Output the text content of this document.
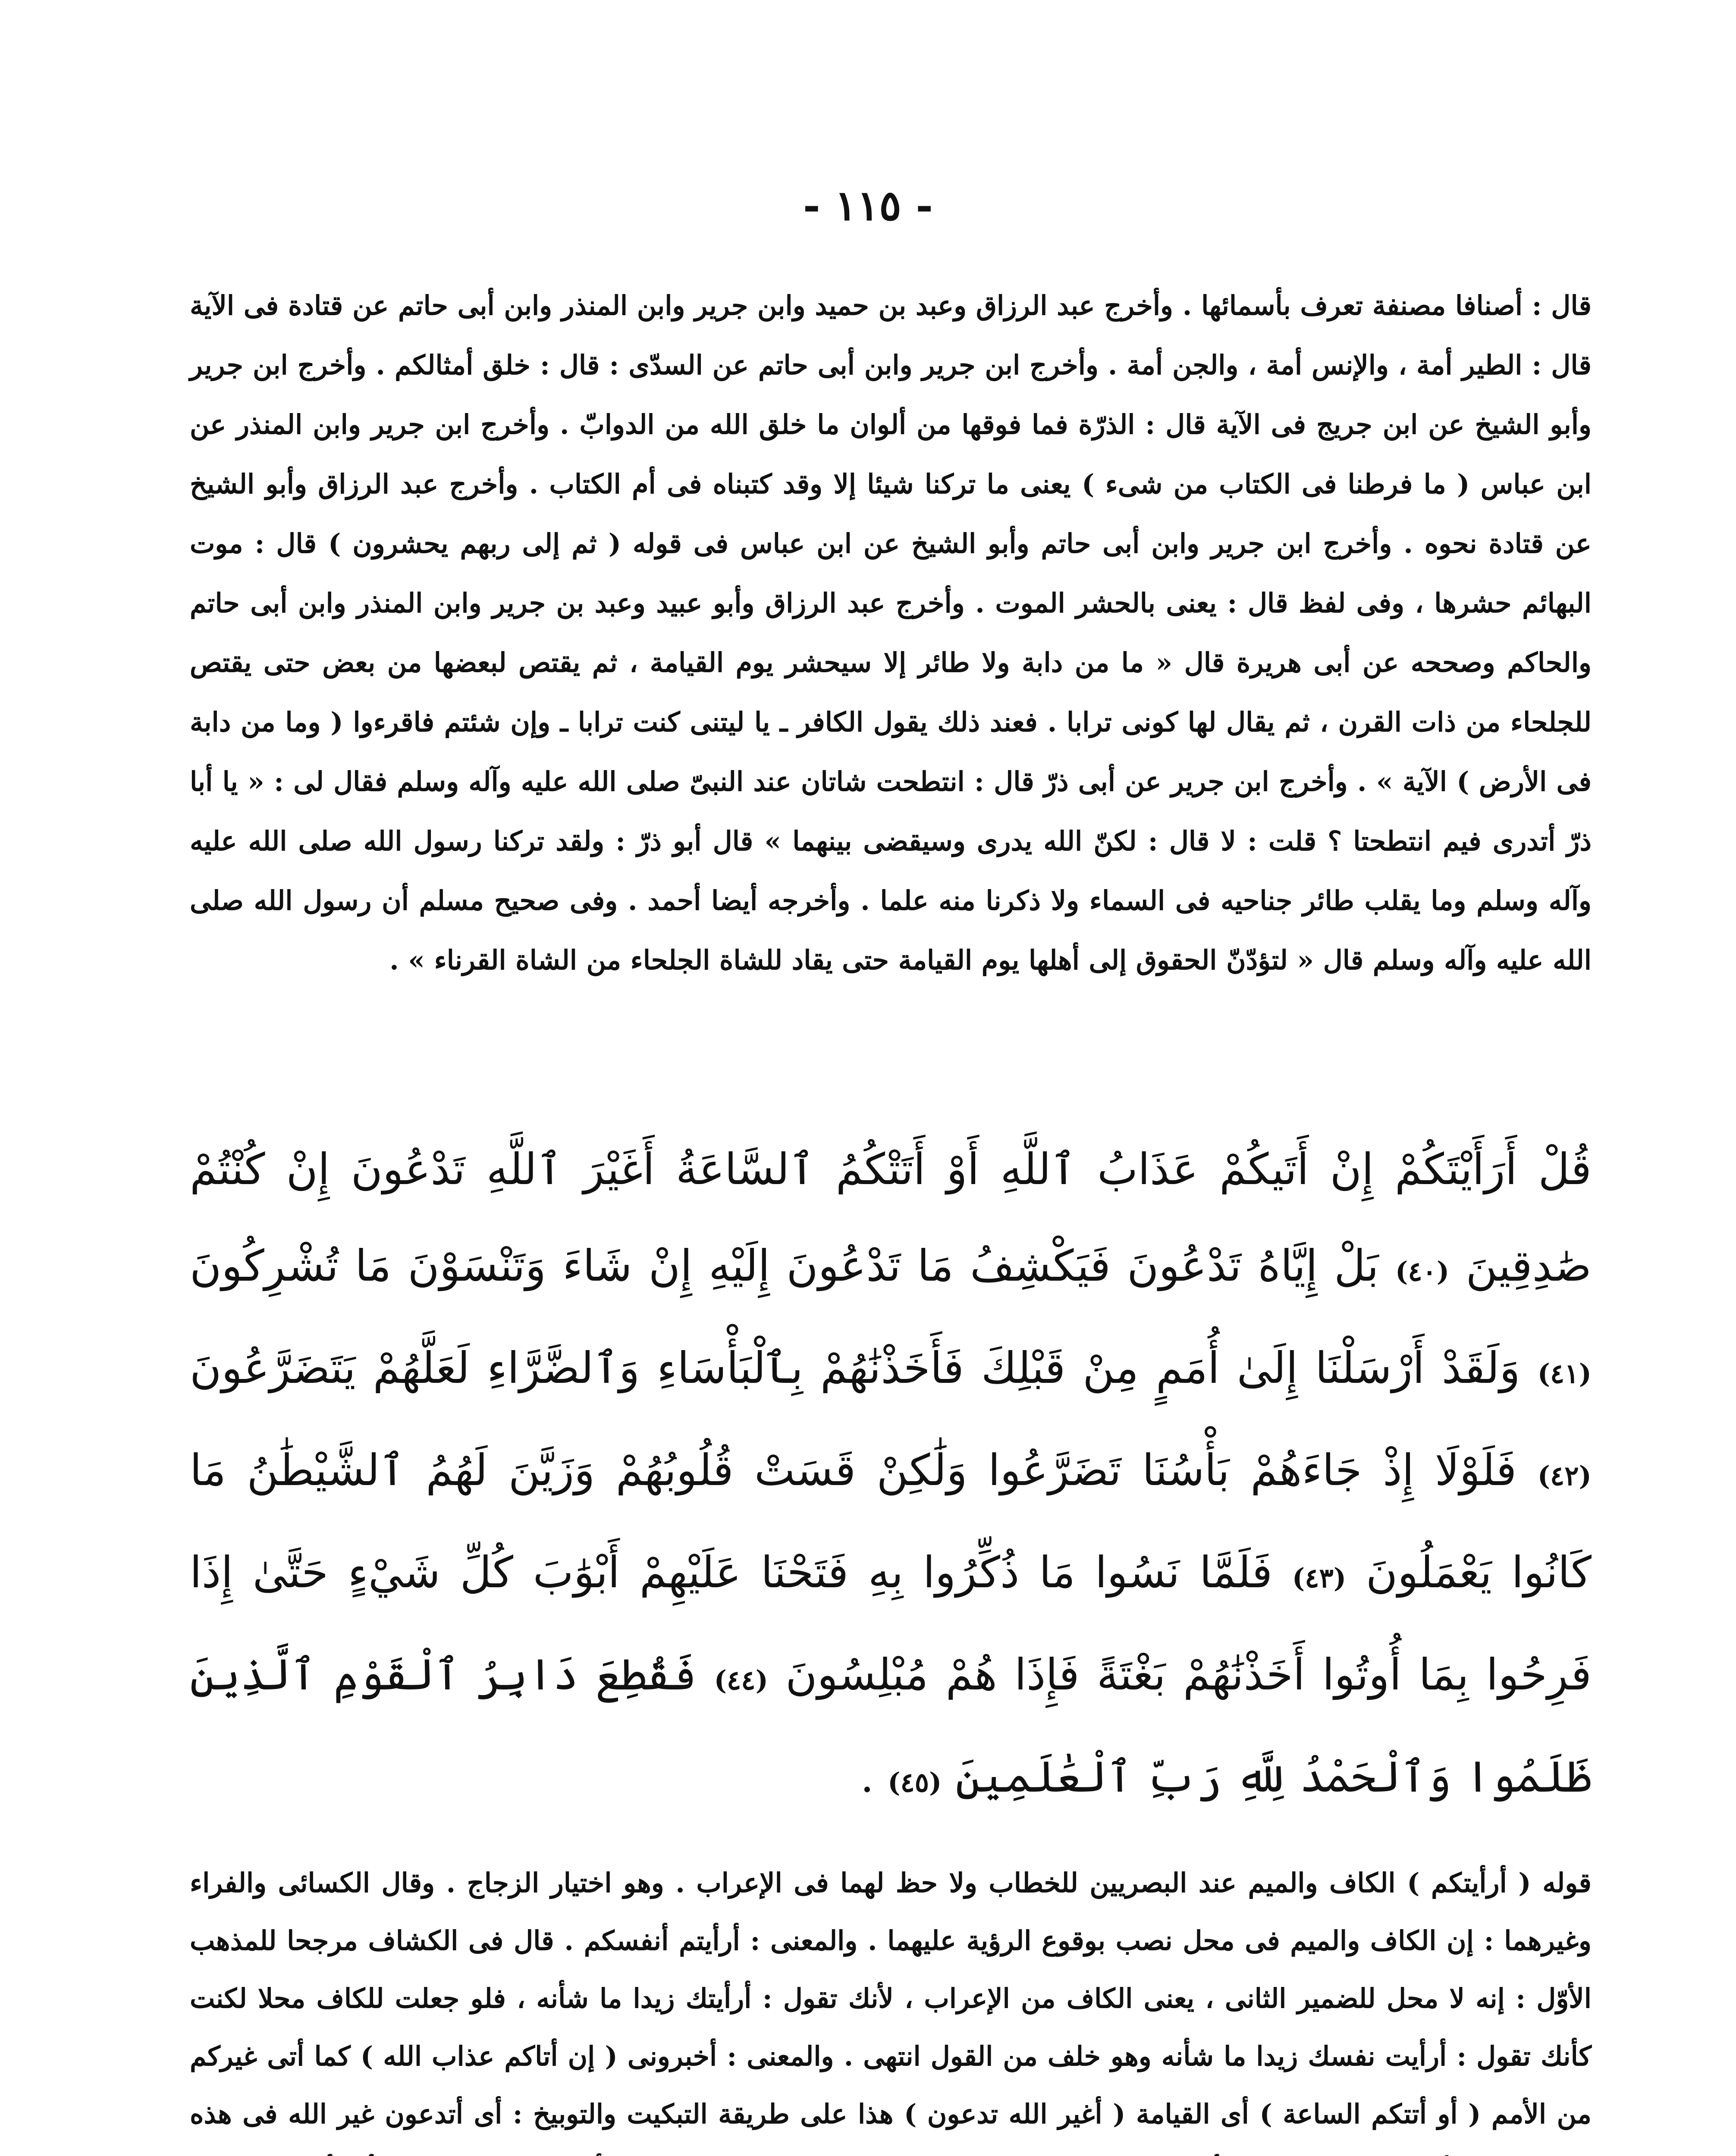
- ١١٥ -

قال : أصنافا مصنفة تعرف بأسمائها . وأخرج عبد الرزاق وعبد بن حميد وابن جرير وابن المنذر وابن أبى حاتم عن قتادة فى الآية قال : الطير أمة ، والإنس أمة ، والجن أمة . وأخرج ابن جرير وابن أبى حاتم عن السدّى : قال : خلق أمثالكم . وأخرج ابن جرير وأبو الشيخ عن ابن جريج فى الآية قال : الذرّة فما فوقها من ألوان ما خلق الله من الدوابّ . وأخرج ابن جرير وابن المنذر عن ابن عباس ( ما فرطنا فى الكتاب من شىء ) يعنى ما تركنا شيئا إلا وقد كتبناه فى أم الكتاب . وأخرج عبد الرزاق وأبو الشيخ عن قتادة نحوه . وأخرج ابن جرير وابن أبى حاتم وأبو الشيخ عن ابن عباس فى قوله ( ثم إلى ربهم يحشرون ) قال : موت البهائم حشرها ، وفى لفظ قال : يعنى بالحشر الموت . وأخرج عبد الرزاق وأبو عبيد وعبد بن جرير وابن المنذر وابن أبى حاتم والحاكم وصححه عن أبى هريرة قال « ما من دابة ولا طائر إلا سيحشر يوم القيامة ، ثم يقتص لبعضها من بعض حتى يقتص للجلحاء من ذات القرن ، ثم يقال لها كونى ترابا . فعند ذلك يقول الكافر ـ يا ليتنى كنت ترابا ـ وإن شئتم فاقرءوا ( وما من دابة فى الأرض ) الآية » . وأخرج ابن جرير عن أبى ذرّ قال : انتطحت شاتان عند النبىّ صلى الله عليه وآله وسلم فقال لى : « يا أبا ذرّ أتدرى فيم انتطحتا ؟ قلت : لا قال : لكنّ الله يدرى وسيقضى بينهما » قال أبو ذرّ : ولقد تركنا رسول الله صلى الله عليه وآله وسلم وما يقلب طائر جناحيه فى السماء ولا ذكرنا منه علما . وأخرجه أيضا أحمد . وفى صحيح مسلم أن رسول الله صلى الله عليه وآله وسلم قال « لتؤدّنّ الحقوق إلى أهلها يوم القيامة حتى يقاد للشاة الجلحاء من الشاة القرناء » .

قُلْ أَرَأَيْتَكُمْ إِنْ أَتَيكُمْ عَذَابُ ٱللَّهِ أَوْ أَتَتْكُمُ ٱلسَّاعَةُ أَغَيْرَ ٱللَّهِ تَدْعُونَ إِنْ كُنْتُمْ صَٰدِقِينَ (٤٠) بَلْ إِيَّاهُ تَدْعُونَ فَيَكْشِفُ مَا تَدْعُونَ إِلَيْهِ إِنْ شَاءَ وَتَنْسَوْنَ مَا تُشْرِكُونَ (٤١) وَلَقَدْ أَرْسَلْنَا إِلَىٰ أُمَمٍ مِنْ قَبْلِكَ فَأَخَذْنَٰهُمْ بِٱلْبَأْسَاءِ وَٱلضَّرَّاءِ لَعَلَّهُمْ يَتَضَرَّعُونَ (٤٢) فَلَوْلَا إِذْ جَاءَهُمْ بَأْسُنَا تَضَرَّعُوا وَلَٰكِنْ قَسَتْ قُلُوبُهُمْ وَزَيَّنَ لَهُمُ ٱلشَّيْطَٰنُ مَا كَانُوا يَعْمَلُونَ (٤٣) فَلَمَّا نَسُوا مَا ذُكِّرُوا بِهِ فَتَحْنَا عَلَيْهِمْ أَبْوَٰبَ كُلِّ شَيْءٍ حَتَّىٰ إِذَا فَرِحُوا بِمَا أُوتُوا أَخَذْنَٰهُمْ بَغْتَةً فَإِذَا هُمْ مُبْلِسُونَ (٤٤) فَقُطِعَ دَابِرُ ٱلْقَوْمِ ٱلَّذِينَ ظَلَمُوا وَٱلْحَمْدُ لِلَّهِ رَبِّ ٱلْعَٰلَمِينَ (٤٥) .

قوله ( أرأيتكم ) الكاف والميم عند البصريين للخطاب ولا حظ لهما فى الإعراب . وهو اختيار الزجاج . وقال الكسائى والفراء وغيرهما : إن الكاف والميم فى محل نصب بوقوع الرؤية عليهما . والمعنى : أرأيتم أنفسكم . قال فى الكشاف مرجحا للمذهب الأوّل : إنه لا محل للضمير الثانى ، يعنى الكاف من الإعراب ، لأنك تقول : أرأيتك زيدا ما شأنه ، فلو جعلت للكاف محلا لكنت كأنك تقول : أرأيت نفسك زيدا ما شأنه وهو خلف من القول انتهى . والمعنى : أخبرونى ( إن أتاكم عذاب الله ) كما أتى غيركم من الأمم ( أو أتتكم الساعة ) أى القيامة ( أغير الله تدعون ) هذا على طريقة التبكيت والتوبيخ : أى أتدعون غير الله فى هذه
